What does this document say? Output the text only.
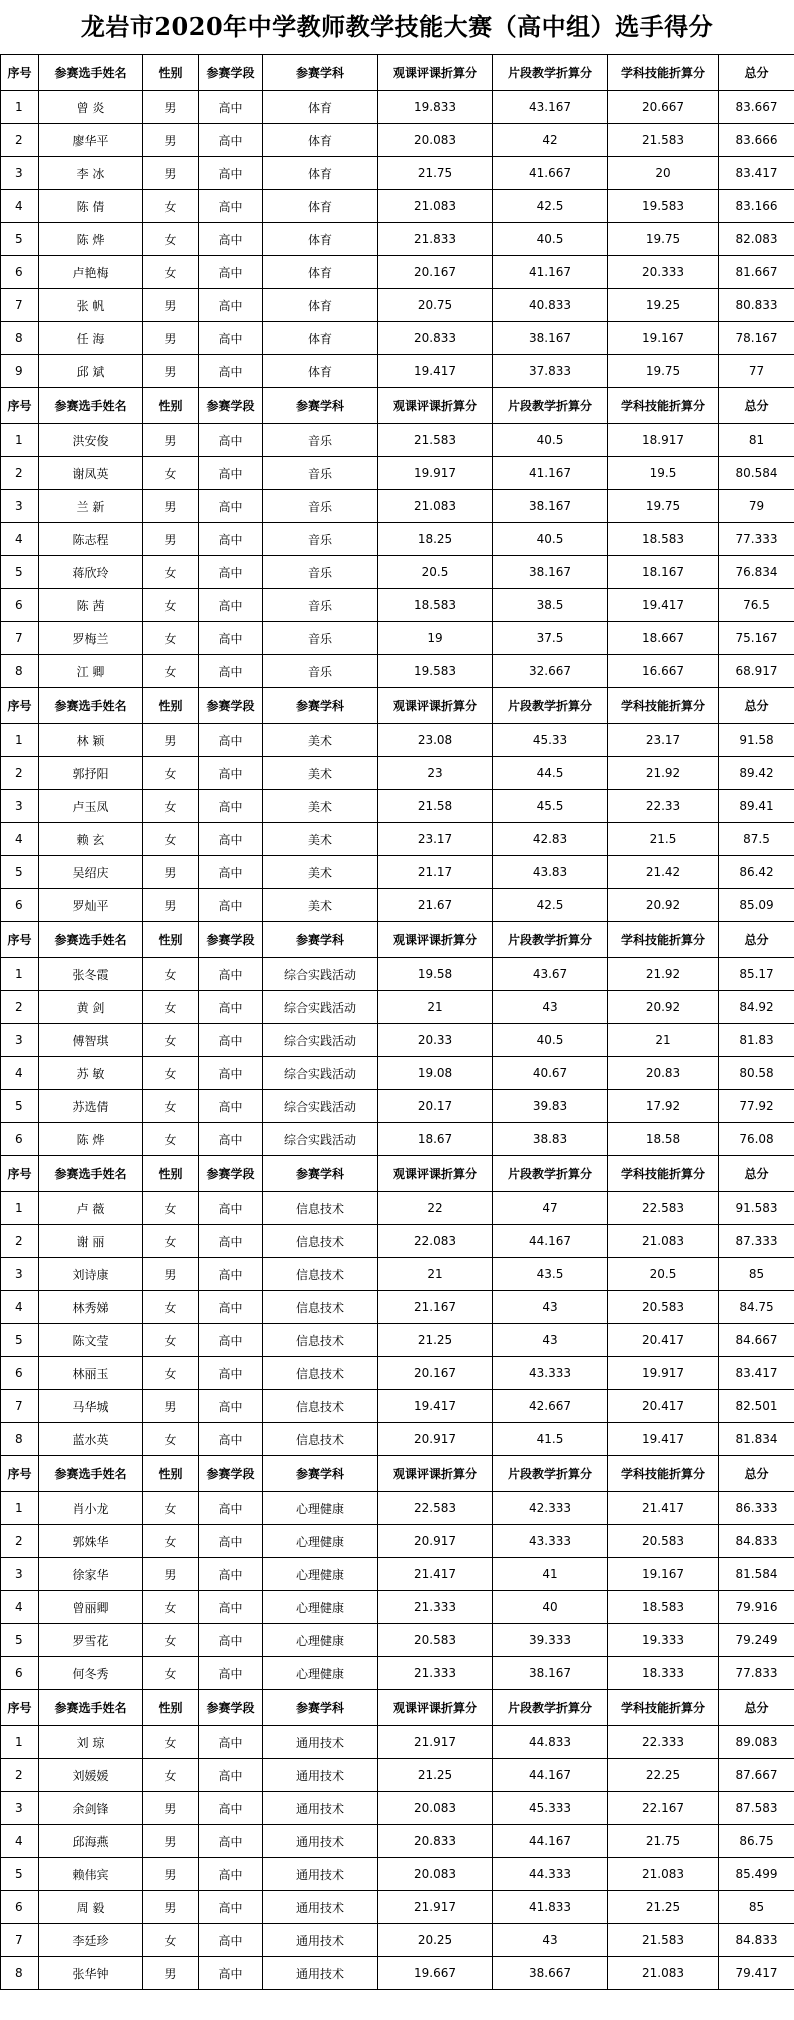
龙岩市2020年中学教师教学技能大赛（高中组）选手得分
序号	参赛选手姓名	性别	参赛学段	参赛学科	观课评课折算分	片段教学折算分	学科技能折算分	总分
1	曾 炎	男	高中	体育	19.833	43.167	20.667	83.667
2	廖华平	男	高中	体育	20.083	42	21.583	83.666
3	李 冰	男	高中	体育	21.75	41.667	20	83.417
4	陈 倩	女	高中	体育	21.083	42.5	19.583	83.166
5	陈 烨	女	高中	体育	21.833	40.5	19.75	82.083
6	卢艳梅	女	高中	体育	20.167	41.167	20.333	81.667
7	张 帆	男	高中	体育	20.75	40.833	19.25	80.833
8	任 海	男	高中	体育	20.833	38.167	19.167	78.167
9	邱 斌	男	高中	体育	19.417	37.833	19.75	77
序号	参赛选手姓名	性别	参赛学段	参赛学科	观课评课折算分	片段教学折算分	学科技能折算分	总分
1	洪安俊	男	高中	音乐	21.583	40.5	18.917	81
2	谢凤英	女	高中	音乐	19.917	41.167	19.5	80.584
3	兰 新	男	高中	音乐	21.083	38.167	19.75	79
4	陈志程	男	高中	音乐	18.25	40.5	18.583	77.333
5	蒋欣玲	女	高中	音乐	20.5	38.167	18.167	76.834
6	陈 茜	女	高中	音乐	18.583	38.5	19.417	76.5
7	罗梅兰	女	高中	音乐	19	37.5	18.667	75.167
8	江 卿	女	高中	音乐	19.583	32.667	16.667	68.917
序号	参赛选手姓名	性别	参赛学段	参赛学科	观课评课折算分	片段教学折算分	学科技能折算分	总分
1	林 颖	男	高中	美术	23.08	45.33	23.17	91.58
2	郭抒阳	女	高中	美术	23	44.5	21.92	89.42
3	卢玉凤	女	高中	美术	21.58	45.5	22.33	89.41
4	赖 玄	女	高中	美术	23.17	42.83	21.5	87.5
5	吴绍庆	男	高中	美术	21.17	43.83	21.42	86.42
6	罗灿平	男	高中	美术	21.67	42.5	20.92	85.09
序号	参赛选手姓名	性别	参赛学段	参赛学科	观课评课折算分	片段教学折算分	学科技能折算分	总分
1	张冬霞	女	高中	综合实践活动	19.58	43.67	21.92	85.17
2	黄 剑	女	高中	综合实践活动	21	43	20.92	84.92
3	傅智琪	女	高中	综合实践活动	20.33	40.5	21	81.83
4	苏 敏	女	高中	综合实践活动	19.08	40.67	20.83	80.58
5	苏选倩	女	高中	综合实践活动	20.17	39.83	17.92	77.92
6	陈 烨	女	高中	综合实践活动	18.67	38.83	18.58	76.08
序号	参赛选手姓名	性别	参赛学段	参赛学科	观课评课折算分	片段教学折算分	学科技能折算分	总分
1	卢 薇	女	高中	信息技术	22	47	22.583	91.583
2	谢 丽	女	高中	信息技术	22.083	44.167	21.083	87.333
3	刘诗康	男	高中	信息技术	21	43.5	20.5	85
4	林秀娣	女	高中	信息技术	21.167	43	20.583	84.75
5	陈文莹	女	高中	信息技术	21.25	43	20.417	84.667
6	林丽玉	女	高中	信息技术	20.167	43.333	19.917	83.417
7	马华城	男	高中	信息技术	19.417	42.667	20.417	82.501
8	蓝水英	女	高中	信息技术	20.917	41.5	19.417	81.834
序号	参赛选手姓名	性别	参赛学段	参赛学科	观课评课折算分	片段教学折算分	学科技能折算分	总分
1	肖小龙	女	高中	心理健康	22.583	42.333	21.417	86.333
2	郭姝华	女	高中	心理健康	20.917	43.333	20.583	84.833
3	徐家华	男	高中	心理健康	21.417	41	19.167	81.584
4	曾丽卿	女	高中	心理健康	21.333	40	18.583	79.916
5	罗雪花	女	高中	心理健康	20.583	39.333	19.333	79.249
6	何冬秀	女	高中	心理健康	21.333	38.167	18.333	77.833
序号	参赛选手姓名	性别	参赛学段	参赛学科	观课评课折算分	片段教学折算分	学科技能折算分	总分
1	刘 琼	女	高中	通用技术	21.917	44.833	22.333	89.083
2	刘媛媛	女	高中	通用技术	21.25	44.167	22.25	87.667
3	余剑锋	男	高中	通用技术	20.083	45.333	22.167	87.583
4	邱海燕	男	高中	通用技术	20.833	44.167	21.75	86.75
5	赖伟宾	男	高中	通用技术	20.083	44.333	21.083	85.499
6	周 毅	男	高中	通用技术	21.917	41.833	21.25	85
7	李廷珍	女	高中	通用技术	20.25	43	21.583	84.833
8	张华钟	男	高中	通用技术	19.667	38.667	21.083	79.417
